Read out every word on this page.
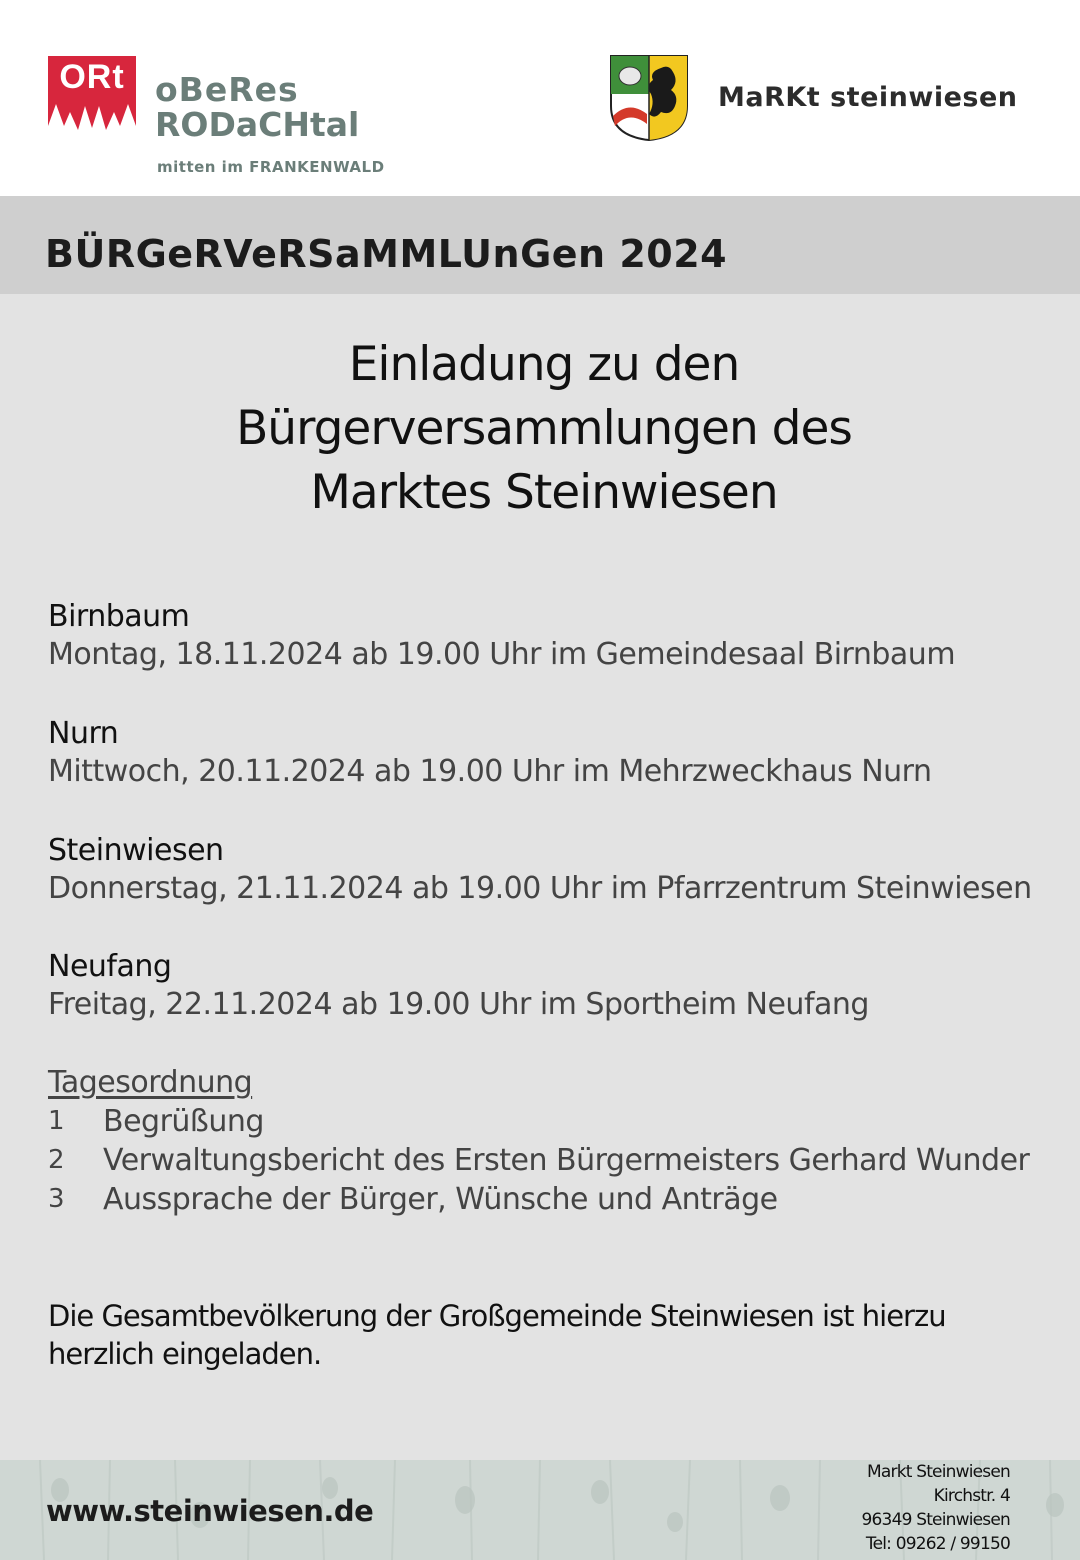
ORt oBeRes
RODaCHtal
mitten im FRANKENWALD
MaRKt steinwiesen
BÜRGeRVeRSaMMLUnGen 2024
Einladung zu den
Bürgerversammlungen des
Marktes Steinwiesen
Birnbaum
Montag, 18.11.2024 ab 19.00 Uhr im Gemeindesaal Birnbaum
Nurn
Mittwoch, 20.11.2024 ab 19.00 Uhr im Mehrzweckhaus Nurn
Steinwiesen
Donnerstag, 21.11.2024 ab 19.00 Uhr im Pfarrzentrum Steinwiesen
Neufang
Freitag, 22.11.2024 ab 19.00 Uhr im Sportheim Neufang
Tagesordnung
1	Begrüßung
2	Verwaltungsbericht des Ersten Bürgermeisters Gerhard Wunder
3	Aussprache der Bürger, Wünsche und Anträge
Die Gesamtbevölkerung der Großgemeinde Steinwiesen ist hierzu herzlich eingeladen.
www.steinwiesen.de
Markt Steinwiesen
Kirchstr. 4
96349 Steinwiesen
Tel: 09262 / 99150
